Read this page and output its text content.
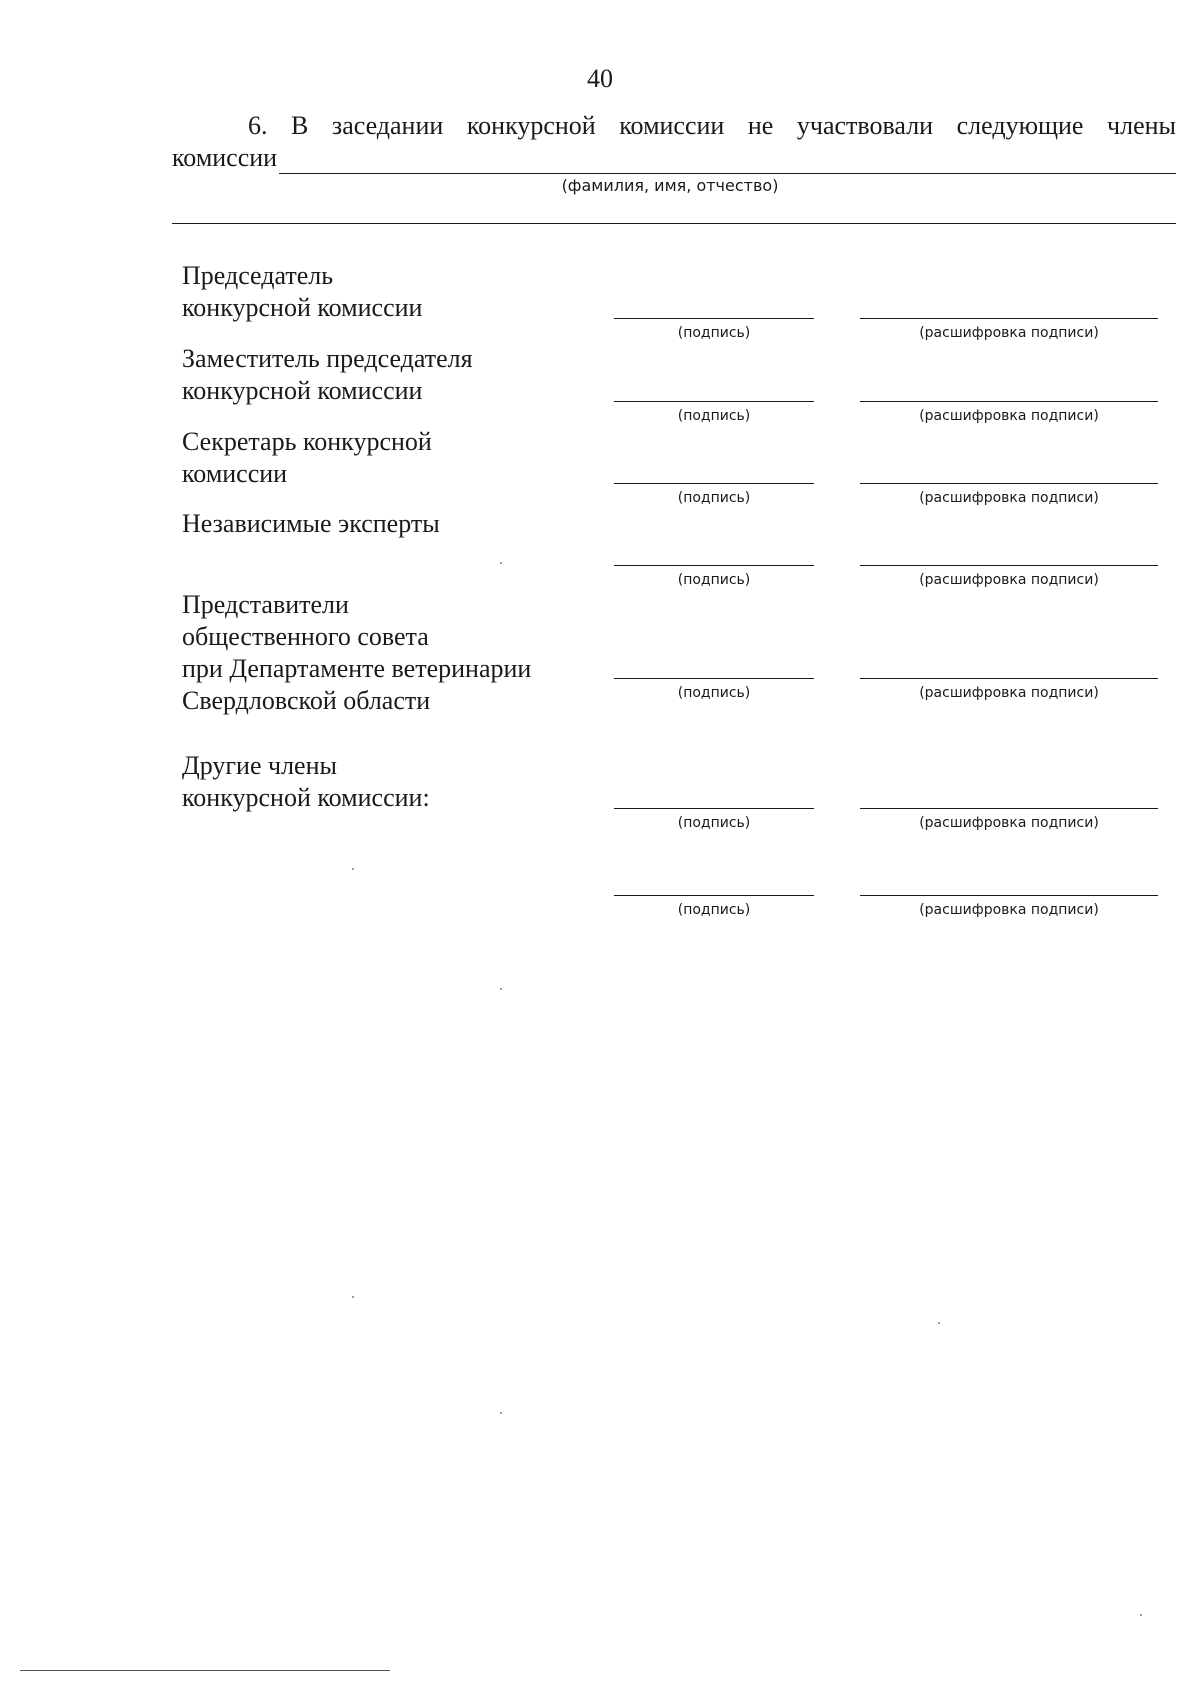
40
6. В заседании конкурсной комиссии не участвовали следующие члены
комиссии
(фамилия, имя, отчество)
Председатель
конкурсной комиссии
(подпись)	(расшифровка подписи)
Заместитель председателя
конкурсной комиссии
(подпись)	(расшифровка подписи)
Секретарь конкурсной
комиссии
(подпись)	(расшифровка подписи)
Независимые эксперты
(подпись)	(расшифровка подписи)
Представители
общественного совета
при Департаменте ветеринарии
Свердловской области	(подпись)	(расшифровка подписи)
Другие члены
конкурсной комиссии:
(подпись)	(расшифровка подписи)
(подпись)	(расшифровка подписи)
